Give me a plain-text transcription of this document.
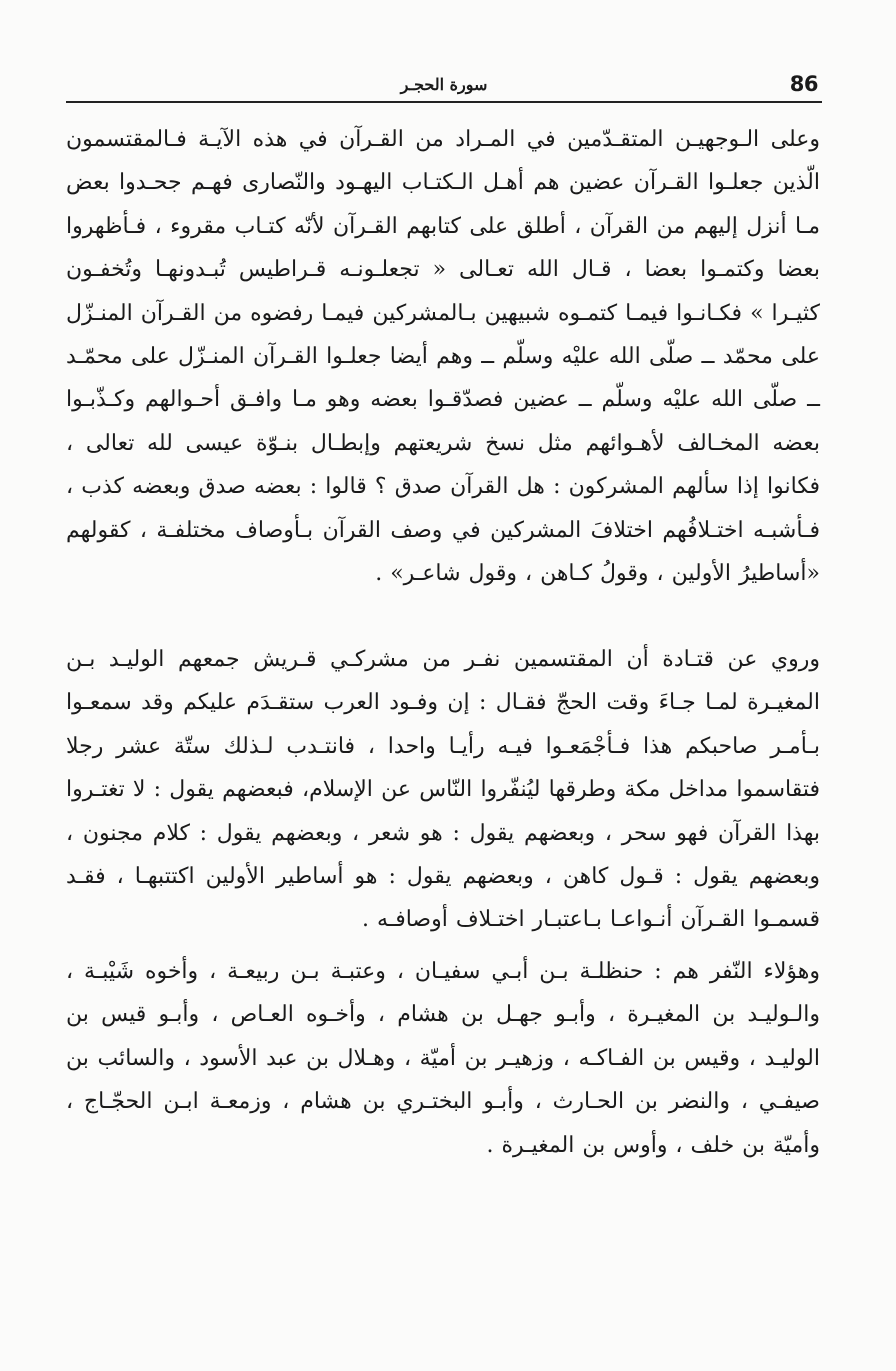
86
سورة الحجـر

وعلى الـوجهيـن المتقـدّمين في المـراد من القـرآن في هذه الآيـة فـالمقتسمون الّذين جعلـوا القـرآن عضين هم أهـل الـكتـاب اليهـود والنّصارى فهـم جحـدوا بعض مـا أنزل إليهم من القرآن ، أطلق على كتابهم القـرآن لأنّه كتـاب مقروء ، فـأظهروا بعضا وكتمـوا بعضا ، قـال الله تعـالى « تجعلـونـه قـراطيس تُبـدونهـا وتُخفـون كثيـرا » فكـانـوا فيمـا كتمـوه شبيهين بـالمشركين فيمـا رفضوه من القـرآن المنـزّل على محمّد ــ صلّى الله عليْه وسلّم ــ وهم أيضا جعلـوا القـرآن المنـزّل على محمّـد ــ صلّى الله عليْه وسلّم ــ عضين فصدّقـوا بعضه وهو مـا وافـق أحـوالهم وكـذّبـوا بعضه المخـالف لأهـوائهم مثل نسخ شريعتهم وإبطـال بنـوّة عيسى لله تعالى ، فكانوا إذا سألهم المشركون : هل القرآن صدق ؟ قالوا : بعضه صدق وبعضه كذب ، فـأشبـه اختـلافُهم اختلافَ المشركين في وصف القرآن بـأوصاف مختلفـة ، كقولهم «أساطيرُ الأولين ، وقولُ كـاهن ، وقول شاعـر» .

وروي عن قتـادة أن المقتسمين نفـر من مشركـي قـريش جمعهم الوليـد بـن المغيـرة لمـا جـاءَ وقت الحجّ فقـال : إن وفـود العرب ستقـدَم عليكم وقد سمعـوا بـأمـر صاحبكم هذا فـأجْمَعـوا فيـه رأيـا واحدا ، فانتـدب لـذلك ستّة عشر رجلا فتقاسموا مداخل مكة وطرقها ليُنفّروا النّاس عن الإسلام، فبعضهم يقول : لا تغتـروا بهذا القرآن فهو سحر ، وبعضهم يقول : هو شعر ، وبعضهم يقول : كلام مجنون ، وبعضهم يقول : قـول كاهن ، وبعضهم يقول : هو أساطير الأولين اكتتبهـا ، فقـد قسمـوا القـرآن أنـواعـا بـاعتبـار اختـلاف أوصافـه .

وهؤلاء النّفر هم : حنظلـة بـن أبـي سفيـان ، وعتبـة بـن ربيعـة ، وأخوه شَيْبـة ، والـوليـد بن المغيـرة ، وأبـو جهـل بن هشام ، وأخـوه العـاص ، وأبـو قيس بن الوليـد ، وقيس بن الفـاكـه ، وزهيـر بن أميّة ، وهـلال بن عبد الأسود ، والسائب بن صيفـي ، والنضر بن الحـارث ، وأبـو البختـري بن هشام ، وزمعـة ابـن الحجّـاج ، وأميّة بن خلف ، وأوس بن المغيـرة .
